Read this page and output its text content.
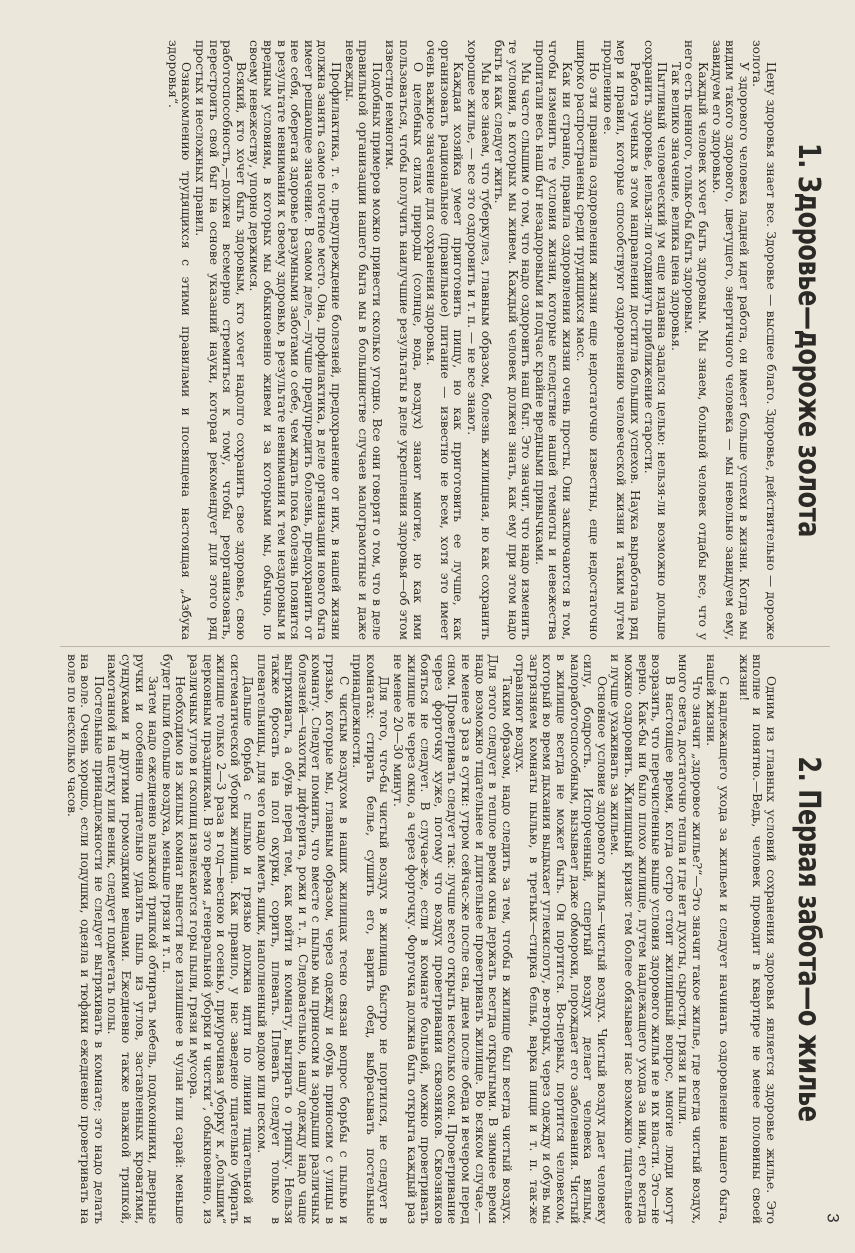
1. Здоровье—дороже золота

Цену здоровья знает все. Здоровье — высшее благо. Здоровье, действительно — дороже золота.

У здорового человека ладней идет работа, он имеет больше успехи в жизни. Когда мы видим такого здорового, цветущего, энергичного человека — мы невольно завидуем ему, завидуем его здоровью.

Каждый человек хочет быть здоровым. Мы знаем, больной человек отдабы все, что у него есть ценного, только-бы быть здоровым.

Так велико значение, велика цена здоровья.

Пытливый человеческий ум еще издавна задался целью: нельзя-ли возможно дольше сохранить здоровье, нельзя-ли отодвинуть приближение старости.

Работа ученых в этом направлении достигла больших успехов. Наука выработала ряд мер и правил, которые способствуют оздоровлению человеческой жизни и таким путем продлению ее.

Но эти правила оздоровления жизни еще недостаточно известны, еще недостаточно широко распространены среди трудящихся масс.

Как ни странно, правила оздоровления жизни очень просты. Они заключаются в том, чтобы изменить те условия жизни, которые вследствие нашей темноты и невежества пропитали весь наш быт незадоровыми и подчас крайне вредными привычками.

Мы часто слышим о том, что надо оздоровить наш быт. Это значит, что надо изменить те условия, в которых мы живем. Каждый человек должен знать, как ему при этом надо быть и как следует жить.

Мы все знаем, что туберкулез, главным образом, болезнь жилищная, но как сохранить хорошее жилье, — все это оздоровить и т. п. — не все знают.

Каждая хозяйка умеет приготовить пищу, но как приготовить ее лучше, как организовать рациональное (правильное) питание — известно не всем, хотя это имеет очень важное значение для сохранения здоровья.

О целебных силах природы (солнце, вода, воздух) знают многие, но как ими пользоваться, чтобы получить наилучшие результаты в деле укрепления здоровья—об этом известно немногим.

Подобных примеров можно привести сколько угодно. Все они говорят о том, что в деле правильной организации нашего быта мы в большинстве случаев малограмотные и даже невежды.

Профилактика, т. е. предупреждение болезней, предохранение от них, в нашей жизни должна занять самое почетное место. Она, профилактика, в деле организации нового быта имеет решающее значение. В самом деле,—лучше предупредить болезнь, предохранить от нее себя, оберегая здоровье разумными заботами о себе, чем ждать пока болезнь появится в результате невнимания к своему здоровью, в результате невнимания к тем нездоровым и вредным условиям, в которых мы обыкновенно живем и за которыми мы, обычно, по своему невежеству, упорно держимся.

Всякий, кто хочет быть здоровым, кто хочет надолго сохранить свое здоровье, свою работоспособность,—должен всемерно стремиться к тому, чтобы реорганизовать, перестроить свой быт на основе указаний науки, которая рекомендует для этого ряд простых и несложных правил.

Ознакомлению трудящихся с этими правилами и посвящена настоящая „Азбука здоровья“.

2. Первая забота—о жилье

Одним из главных условий сохранения здоровья является здоровье жилье. Это вполне и понятно.—Ведь, человек проводит в квартире не менее половины своей жизни!

С надлежащего ухода за жильем и следует начинать оздоровление нашего быта, нашей жизни.

Что значит „здоровое жилье?“—Это значит такое жилье, где всегда чистый воздух, много света, достаточно тепла и где нет духоты, сырости, грязи и пыли.

В настоящее время, когда остро стоит жилищный вопрос, многие люди могут возразить, что перечисленные выше условия здорового жилья не в их власти. Это—не верно. Как-бы ни было плохо жилище, путем надлежащего ухода за ним, его всегда можно оздоровить. Жилищный кризис тем более обязывает нас возможно тщательнее и лучше ухаживать за жильем.

Основное условие здорового жилья—чистый воздух. Чистый воздух дает человеку силу, бодрость. Испорченный, спертый воздух делает человека вялым, малоработоспособным, вызывает даже обмороки, порождает его заболевания. Чистый в жилище всегда не может быть. Он портится. Во-первых, портится человеком, который во время дыхания выдыхает углекислоту, во-вторых, через одежду и обувь мы загрязняем комнаты пылью, в третьих—стирка белья, варка пищи и т. п. так-же отравляют воздух.

Таким образом, надо следить за тем, чтобы в жилище был всегда чистый воздух. Для этого следует в теплое время окна держать всегда открытыми. В зимнее время надо возможно тщательнее и длительнее проветривать жилище. Во всяком случае,—не менее 3 раз в сутки: утром сейчас-же после сна, днем после обеда и вечером перед сном. Проветривать следует так: лучше всего открыть несколько окон. Проветривание через форточку хуже, потому что воздух проветривания сквозняков. Сквозняков бояться не следует. В случае-же, если в комнате больной, можно проветривать жилище не через окно, а через форточку. Форточка должна быть открыта каждый раз не менее 20—30 минут.

Для того, что-бы чистый воздух в жилища быстро не портился, не следует в комнатах: стирать белье, сушить его, варить обед, выбрасывать постельные принадлежности.

С чистым воздухом в наших жилищах тесно связан вопрос борьбы с пылью и грязью, которые мы, главным образом, через одежду и обувь приносим с улицы в комнату. Следует помнить, что вместе с пылью мы приносим и зародыши различных болезней—чахотки, дифтерита, рожи и т. д. Следовательно, нашу одежду надо чаще вытряхивать, а обувь перед тем, как войти в комнату, вытирать о тряпку. Нельзя также бросать на пол окурки, сорить, плевать. Плевать следует только в плевательницы, для чего надо иметь ящик, наполненный водою или песком.

Дальше борьба с пылью и грязью должна идти по линии тщательной и систематической уборки жилища. Как правило, у нас заведено тщательно убирать жилище только 2—3 раза в год—весною и осенью, приурочивая уборку к „большим“ церковным праздникам. В это время „генеральной уборки и чистки“, обыкновенно, из различных углов и скопищ извлекаются горы пыли, грязи и мусора.

Необходимо из жилых комнат вынести все излишнее в чулан или сарай: меньше будет пыли больше воздуха, меньше грязи и т. п.

Затем надо ежедневно влажной тряпкой обтирать мебель, подоконники, дверные ручки и особенно тщательно удалять пыль из углов, заставленных кроватями, сундуками и другими громоздкими вещами. Ежедневно также влажной тряпкой, намотанной на щетку или веник, следует подметать полы.

Постельные принадлежности не следует вытряхивать в комнате; это надо делать на воле. Очень хорошо, если подушки, одеяла и тюфяки ежедневно проветривать на воле по несколько часов.

3
